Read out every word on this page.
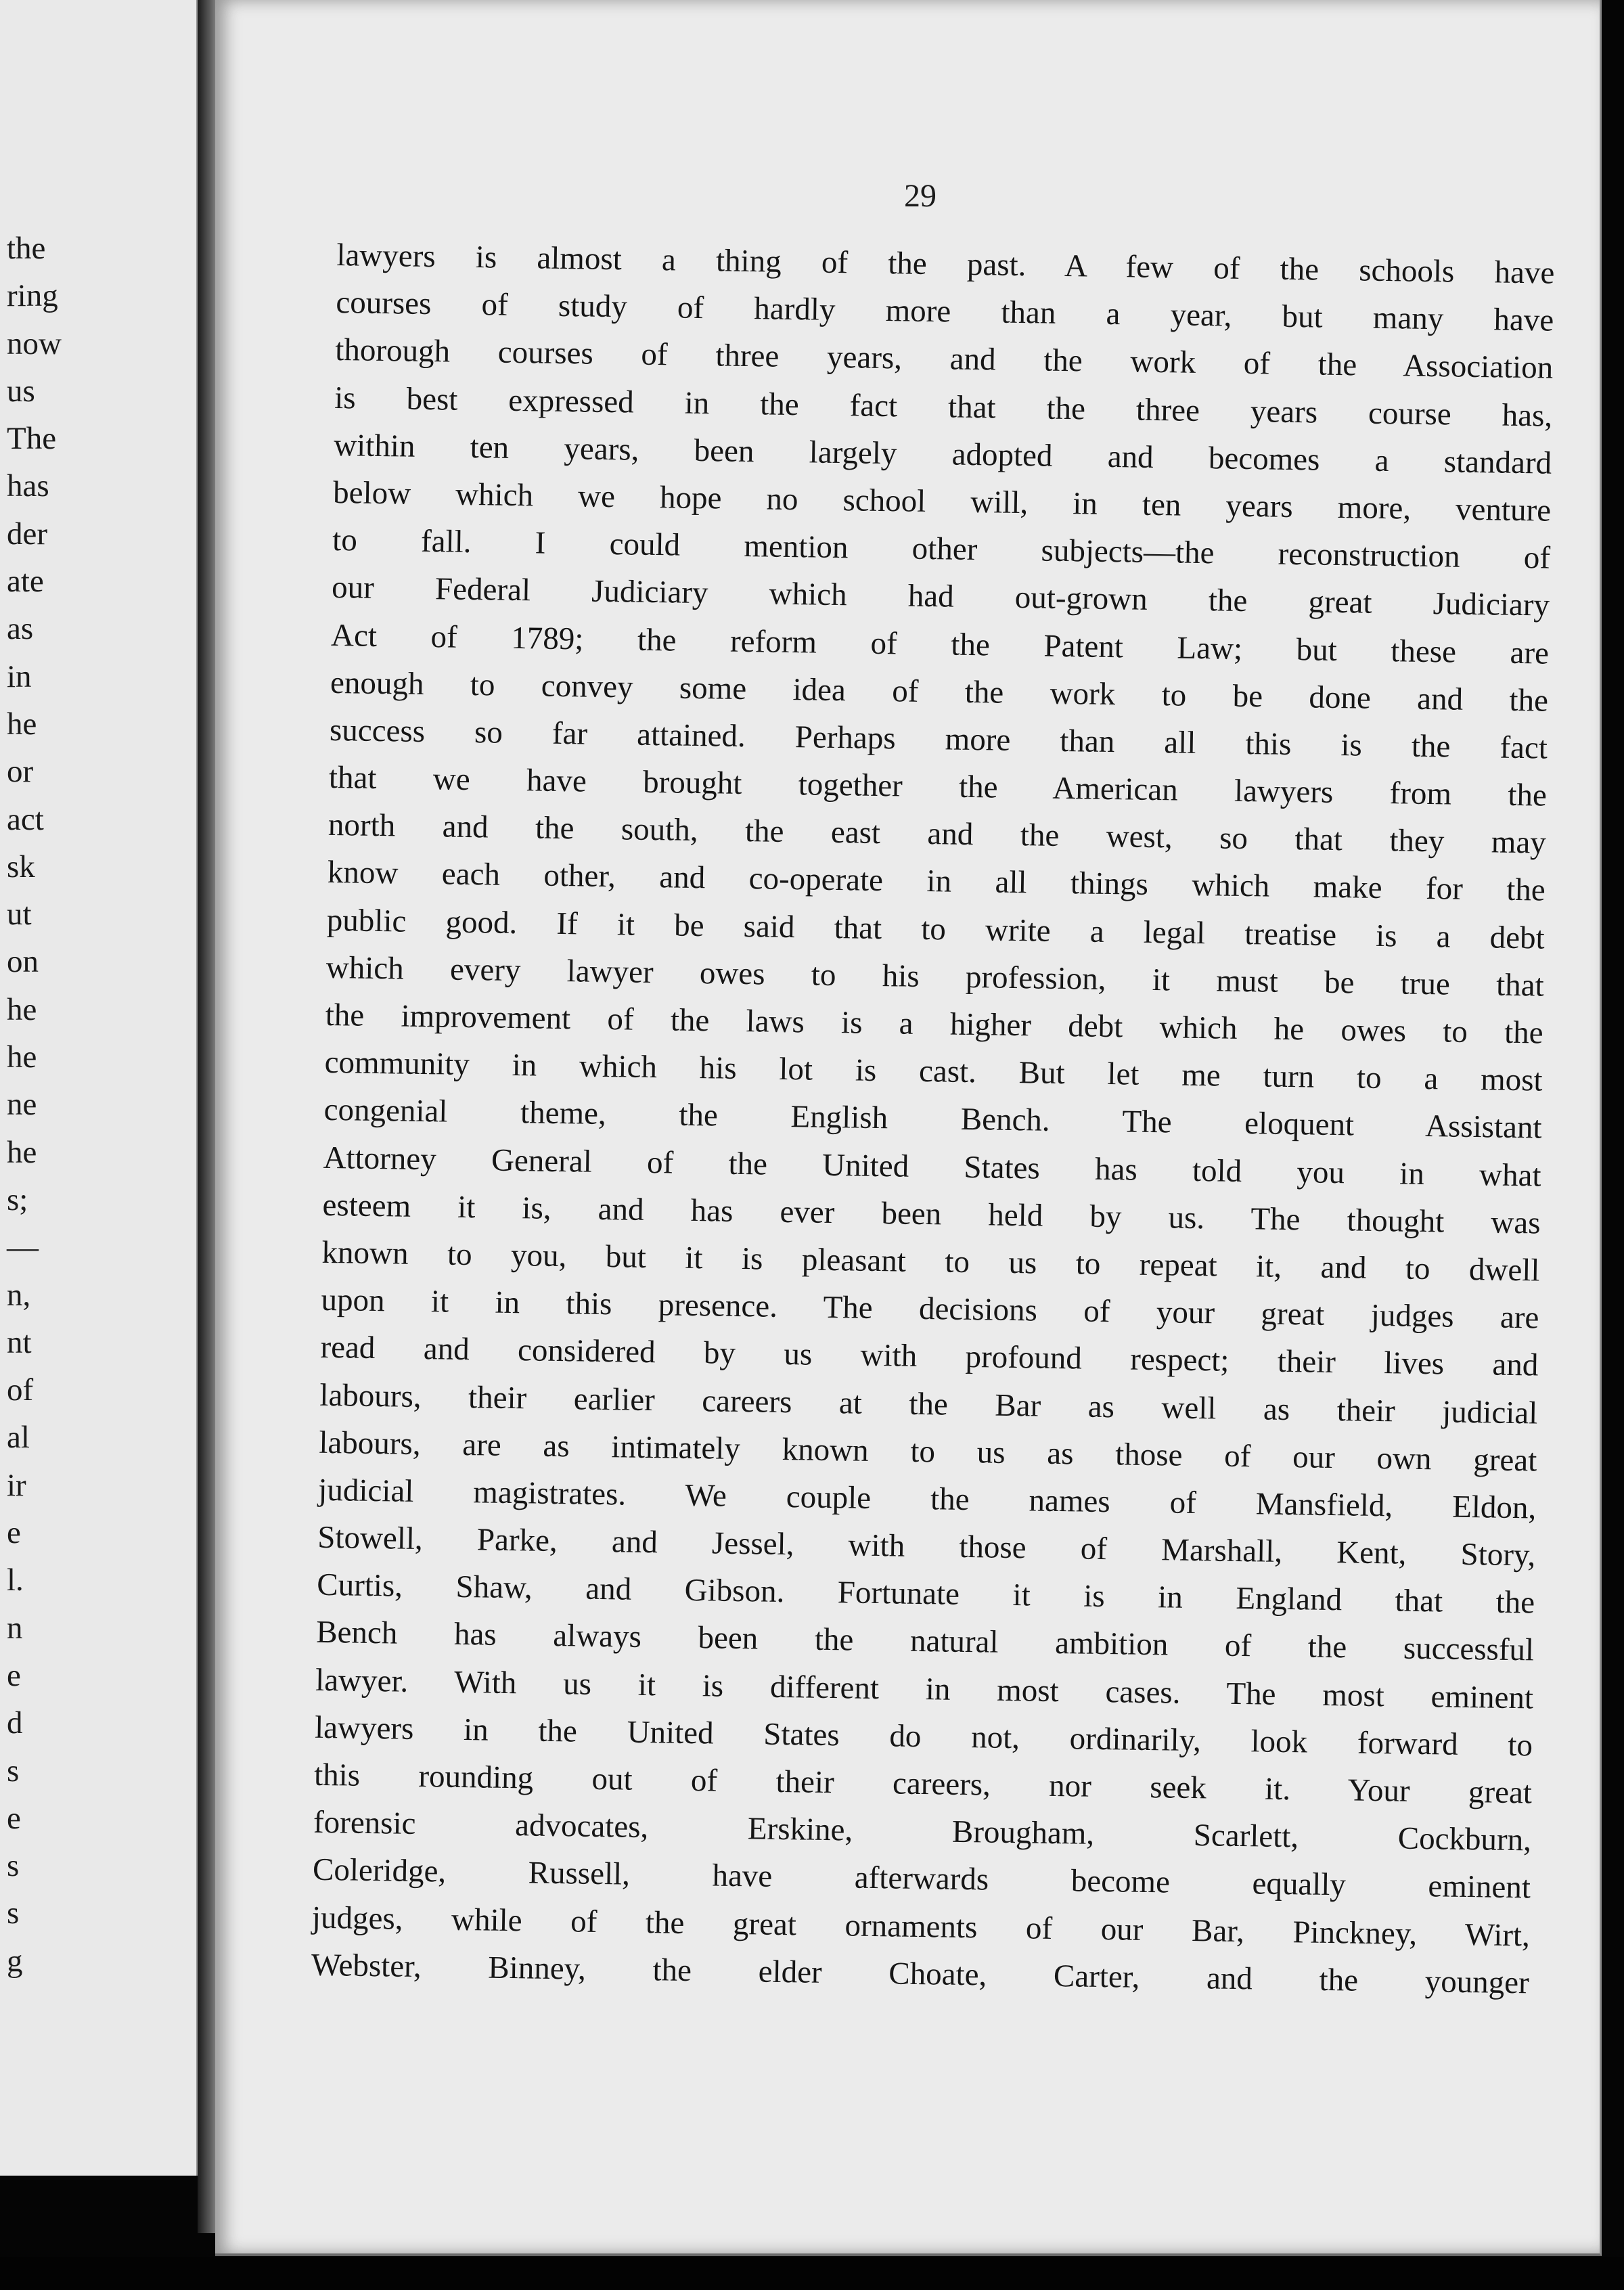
the
ring
now
us
The
has
der
ate
as
in
he
or
act
sk
ut
on
he
he
ne
he
s;
—
n,
nt
of
al
ir
e
l.
n
e
d
s
e
s
s
g
29
lawyers is almost a thing of the past. A few of the schools have
courses of study of hardly more than a year, but many have
thorough courses of three years, and the work of the Association
is best expressed in the fact that the three years course has,
within ten years, been largely adopted and becomes a standard
below which we hope no school will, in ten years more, venture
to fall. I could mention other subjects—the reconstruction of
our Federal Judiciary which had out-grown the great Judiciary
Act of 1789; the reform of the Patent Law; but these are
enough to convey some idea of the work to be done and the
success so far attained. Perhaps more than all this is the fact
that we have brought together the American lawyers from the
north and the south, the east and the west, so that they may
know each other, and co-operate in all things which make for the
public good. If it be said that to write a legal treatise is a debt
which every lawyer owes to his profession, it must be true that
the improvement of the laws is a higher debt which he owes to the
community in which his lot is cast. But let me turn to a most
congenial theme, the English Bench. The eloquent Assistant
Attorney General of the United States has told you in what
esteem it is, and has ever been held by us. The thought was
known to you, but it is pleasant to us to repeat it, and to dwell
upon it in this presence. The decisions of your great judges are
read and considered by us with profound respect; their lives and
labours, their earlier careers at the Bar as well as their judicial
labours, are as intimately known to us as those of our own great
judicial magistrates. We couple the names of Mansfield, Eldon,
Stowell, Parke, and Jessel, with those of Marshall, Kent, Story,
Curtis, Shaw, and Gibson. Fortunate it is in England that the
Bench has always been the natural ambition of the successful
lawyer. With us it is different in most cases. The most eminent
lawyers in the United States do not, ordinarily, look forward to
this rounding out of their careers, nor seek it. Your great
forensic advocates, Erskine, Brougham, Scarlett, Cockburn,
Coleridge, Russell, have afterwards become equally eminent
judges, while of the great ornaments of our Bar, Pinckney, Wirt,
Webster, Binney, the elder Choate, Carter, and the younger
